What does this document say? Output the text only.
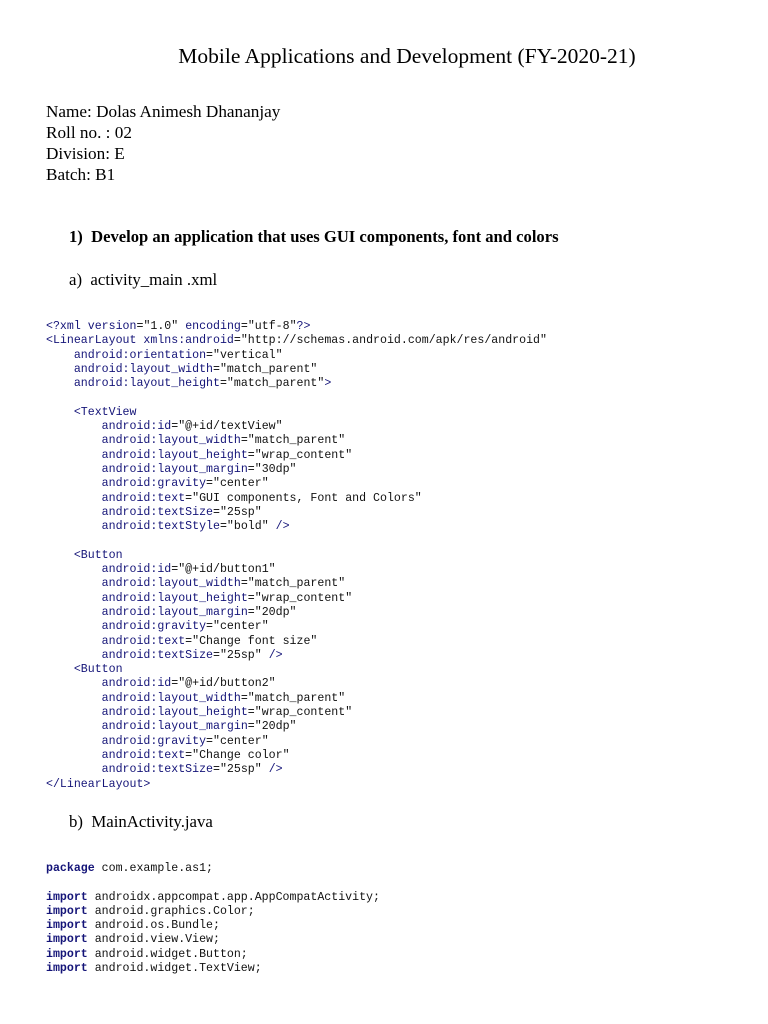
Mobile Applications and Development (FY-2020-21)
Name: Dolas Animesh Dhananjay
Roll no. : 02
Division: E
Batch: B1
1)  Develop an application that uses GUI components, font and colors
a)  activity_main .xml
<?xml version="1.0" encoding="utf-8"?>
<LinearLayout xmlns:android="http://schemas.android.com/apk/res/android"
android:orientation="vertical"
android:layout_width="match_parent"
android:layout_height="match_parent">
<TextView
android:id="@+id/textView"
android:layout_width="match_parent"
android:layout_height="wrap_content"
android:layout_margin="30dp"
android:gravity="center"
android:text="GUI components, Font and Colors"
android:textSize="25sp"
android:textStyle="bold" />
<Button
android:id="@+id/button1"
android:layout_width="match_parent"
android:layout_height="wrap_content"
android:layout_margin="20dp"
android:gravity="center"
android:text="Change font size"
android:textSize="25sp" />
<Button
android:id="@+id/button2"
android:layout_width="match_parent"
android:layout_height="wrap_content"
android:layout_margin="20dp"
android:gravity="center"
android:text="Change color"
android:textSize="25sp" />
</LinearLayout>
b)  MainActivity.java
package com.example.as1;
import androidx.appcompat.app.AppCompatActivity;
import android.graphics.Color;
import android.os.Bundle;
import android.view.View;
import android.widget.Button;
import android.widget.TextView;
